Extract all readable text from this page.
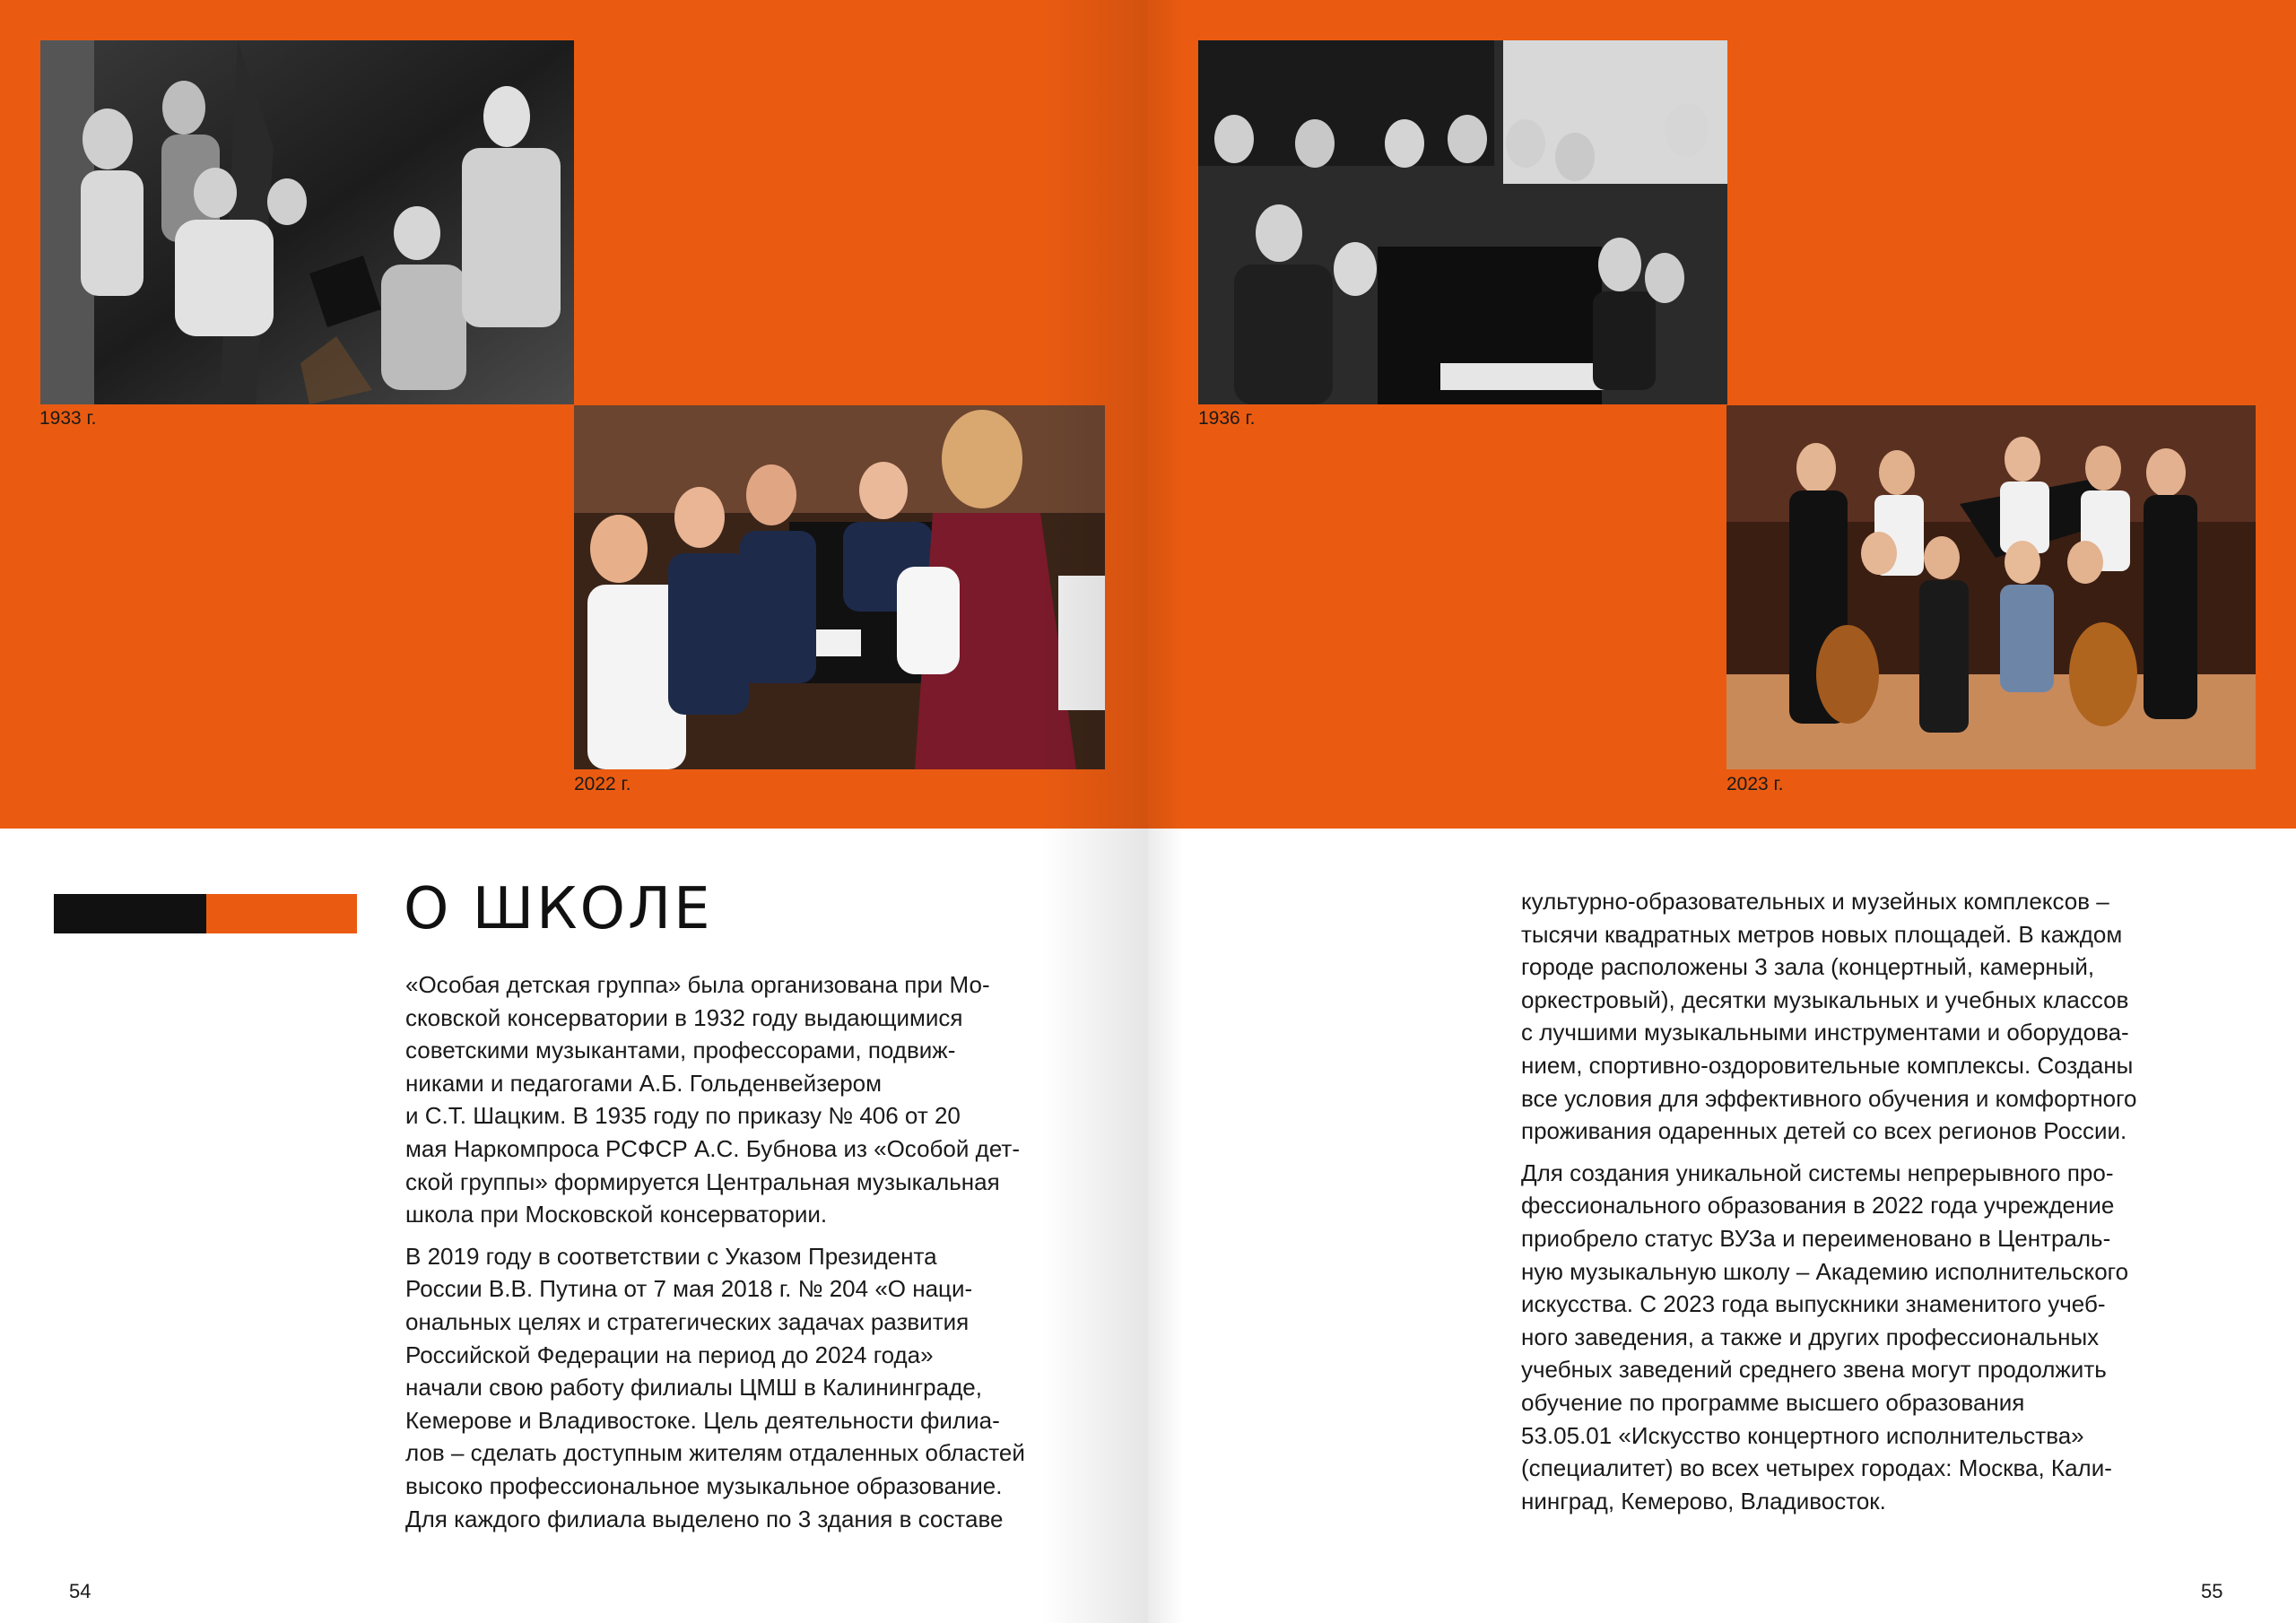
1933 г.
2022 г.
О ШКОЛЕ

«Особая детская группа» была организована при Мо-
сковской консерватории в 1932 году выдающимися
советскими музыкантами, профессорами, подвиж-
никами и педагогами А.Б. Гольденвейзером
и С.Т. Шацким. В 1935 году по приказу № 406 от 20
мая Наркомпроса РСФСР А.С. Бубнова из «Особой дет-
ской группы» формируется Центральная музыкальная
школа при Московской консерватории.

В 2019 году в соответствии с Указом Президента
России В.В. Путина от 7 мая 2018 г. № 204 «О наци-
ональных целях и стратегических задачах развития
Российской Федерации на период до 2024 года»
начали свою работу филиалы ЦМШ в Калининграде,
Кемерове и Владивостоке. Цель деятельности филиа-
лов – сделать доступным жителям отдаленных областей
высоко профессиональное музыкальное образование.
Для каждого филиала выделено по 3 здания в составе

54
1936 г.
2023 г.

культурно-образовательных и музейных комплексов –
тысячи квадратных метров новых площадей. В каждом
городе расположены 3 зала (концертный, камерный,
оркестровый), десятки музыкальных и учебных классов
с лучшими музыкальными инструментами и оборудова-
нием, спортивно-оздоровительные комплексы. Созданы
все условия для эффективного обучения и комфортного
проживания одаренных детей со всех регионов России.

Для создания уникальной системы непрерывного про-
фессионального образования в 2022 года учреждение
приобрело статус ВУЗа и переименовано в Централь-
ную музыкальную школу – Академию исполнительского
искусства. С 2023 года выпускники знаменитого учеб-
ного заведения, а также и других профессиональных
учебных заведений среднего звена могут продолжить
обучение по программе высшего образования
53.05.01 «Искусство концертного исполнительства»
(специалитет) во всех четырех городах: Москва, Кали-
нинград, Кемерово, Владивосток.

55
